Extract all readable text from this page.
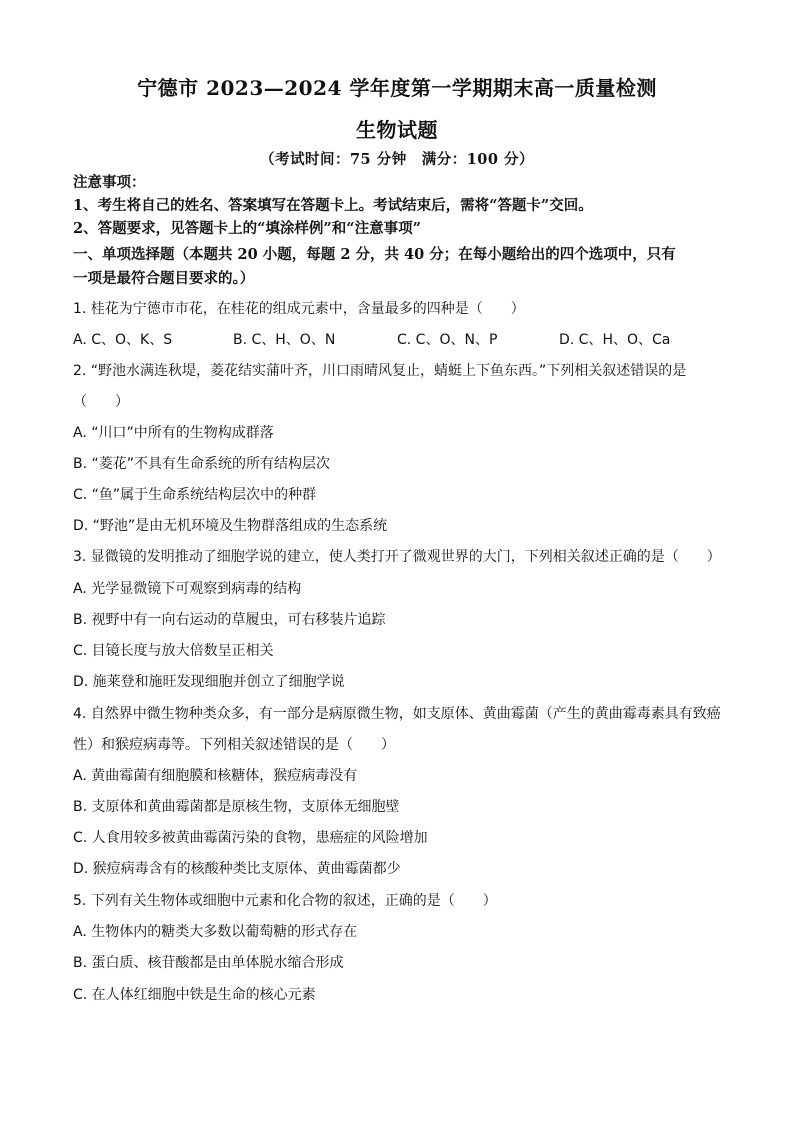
宁德市 2023—2024 学年度第一学期期末高一质量检测
生物试题
（考试时间：75 分钟　满分：100 分）
注意事项：
1、考生将自己的姓名、答案填写在答题卡上。考试结束后，需将“答题卡”交回。
2、答题要求，见答题卡上的“填涂样例”和“注意事项”
一、单项选择题（本题共 20 小题，每题 2 分，共 40 分；在每小题给出的四个选项中，只有
一项是最符合题目要求的。）
1. 桂花为宁德市市花，在桂花的组成元素中，含量最多的四种是（　　）
A. C、O、K、S	B. C、H、O、N	C. C、O、N、P	D. C、H、O、Ca
2. “野池水满连秋堤，菱花结实蒲叶齐，川口雨晴风复止，蜻蜓上下鱼东西。”下列相关叙述错误的是
（　　）
A. “川口”中所有的生物构成群落
B. “菱花”不具有生命系统的所有结构层次
C. “鱼”属于生命系统结构层次中的种群
D. “野池”是由无机环境及生物群落组成的生态系统
3. 显微镜的发明推动了细胞学说的建立，使人类打开了微观世界的大门，下列相关叙述正确的是（　　）
A. 光学显微镜下可观察到病毒的结构
B. 视野中有一向右运动的草履虫，可右移装片追踪
C. 目镜长度与放大倍数呈正相关
D. 施莱登和施旺发现细胞并创立了细胞学说
4. 自然界中微生物种类众多，有一部分是病原微生物，如支原体、黄曲霉菌（产生的黄曲霉毒素具有致癌
性）和猴痘病毒等。下列相关叙述错误的是（　　）
A. 黄曲霉菌有细胞膜和核糖体，猴痘病毒没有
B. 支原体和黄曲霉菌都是原核生物，支原体无细胞壁
C. 人食用较多被黄曲霉菌污染的食物，患癌症的风险增加
D. 猴痘病毒含有的核酸种类比支原体、黄曲霉菌都少
5. 下列有关生物体或细胞中元素和化合物的叙述，正确的是（　　）
A. 生物体内的糖类大多数以葡萄糖的形式存在
B. 蛋白质、核苷酸都是由单体脱水缩合形成
C. 在人体红细胞中铁是生命的核心元素
